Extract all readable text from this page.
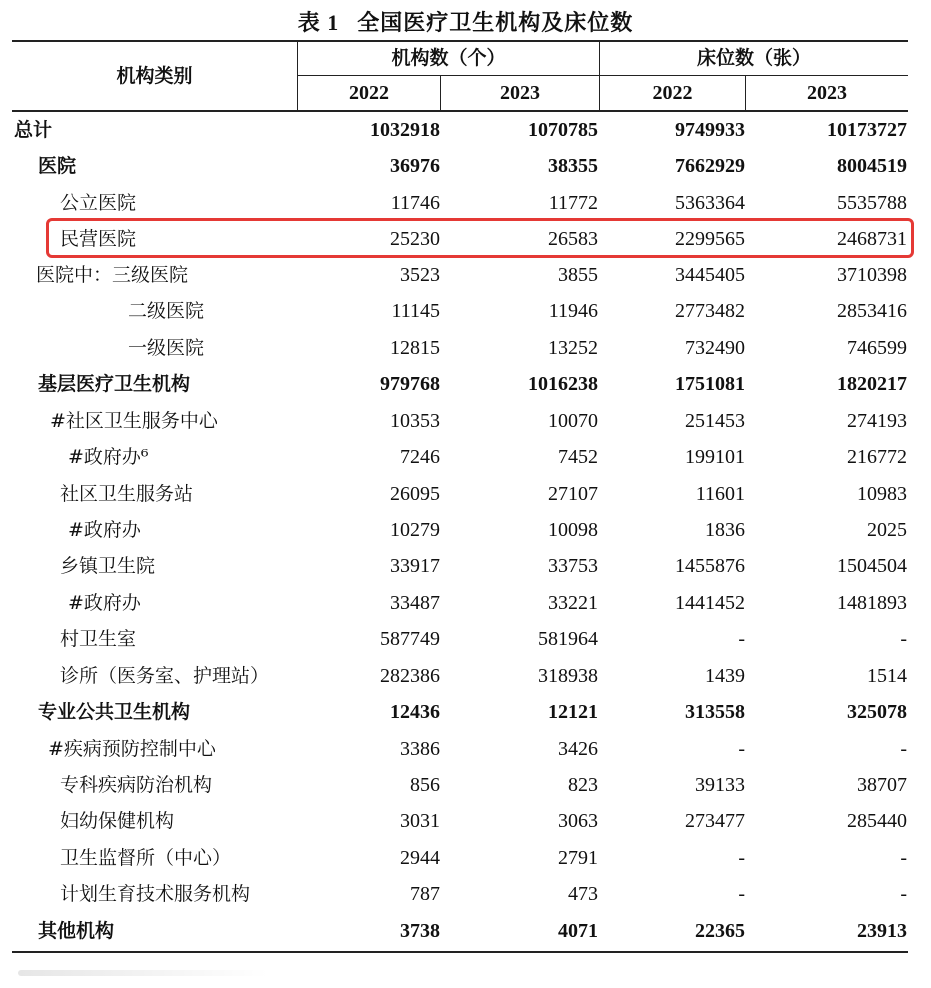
表 1 全国医疗卫生机构及床位数
机构类别
机构数（个）	床位数（张）
2022	2023	2022	2023
总计	1032918	1070785	9749933	10173727
医院	36976	38355	7662929	8004519
公立医院	11746	11772	5363364	5535788
民营医院	25230	26583	2299565	2468731
医院中：三级医院	3523	3855	3445405	3710398
二级医院	11145	11946	2773482	2853416
一级医院	12815	13252	732490	746599
基层医疗卫生机构	979768	1016238	1751081	1820217
#社区卫生服务中心	10353	10070	251453	274193
#政府办⁶	7246	7452	199101	216772
社区卫生服务站	26095	27107	11601	10983
#政府办	10279	10098	1836	2025
乡镇卫生院	33917	33753	1455876	1504504
#政府办	33487	33221	1441452	1481893
村卫生室	587749	581964	-	-
诊所（医务室、护理站）	282386	318938	1439	1514
专业公共卫生机构	12436	12121	313558	325078
#疾病预防控制中心	3386	3426	-	-
专科疾病防治机构	856	823	39133	38707
妇幼保健机构	3031	3063	273477	285440
卫生监督所（中心）	2944	2791	-	-
计划生育技术服务机构	787	473	-	-
其他机构	3738	4071	22365	23913
